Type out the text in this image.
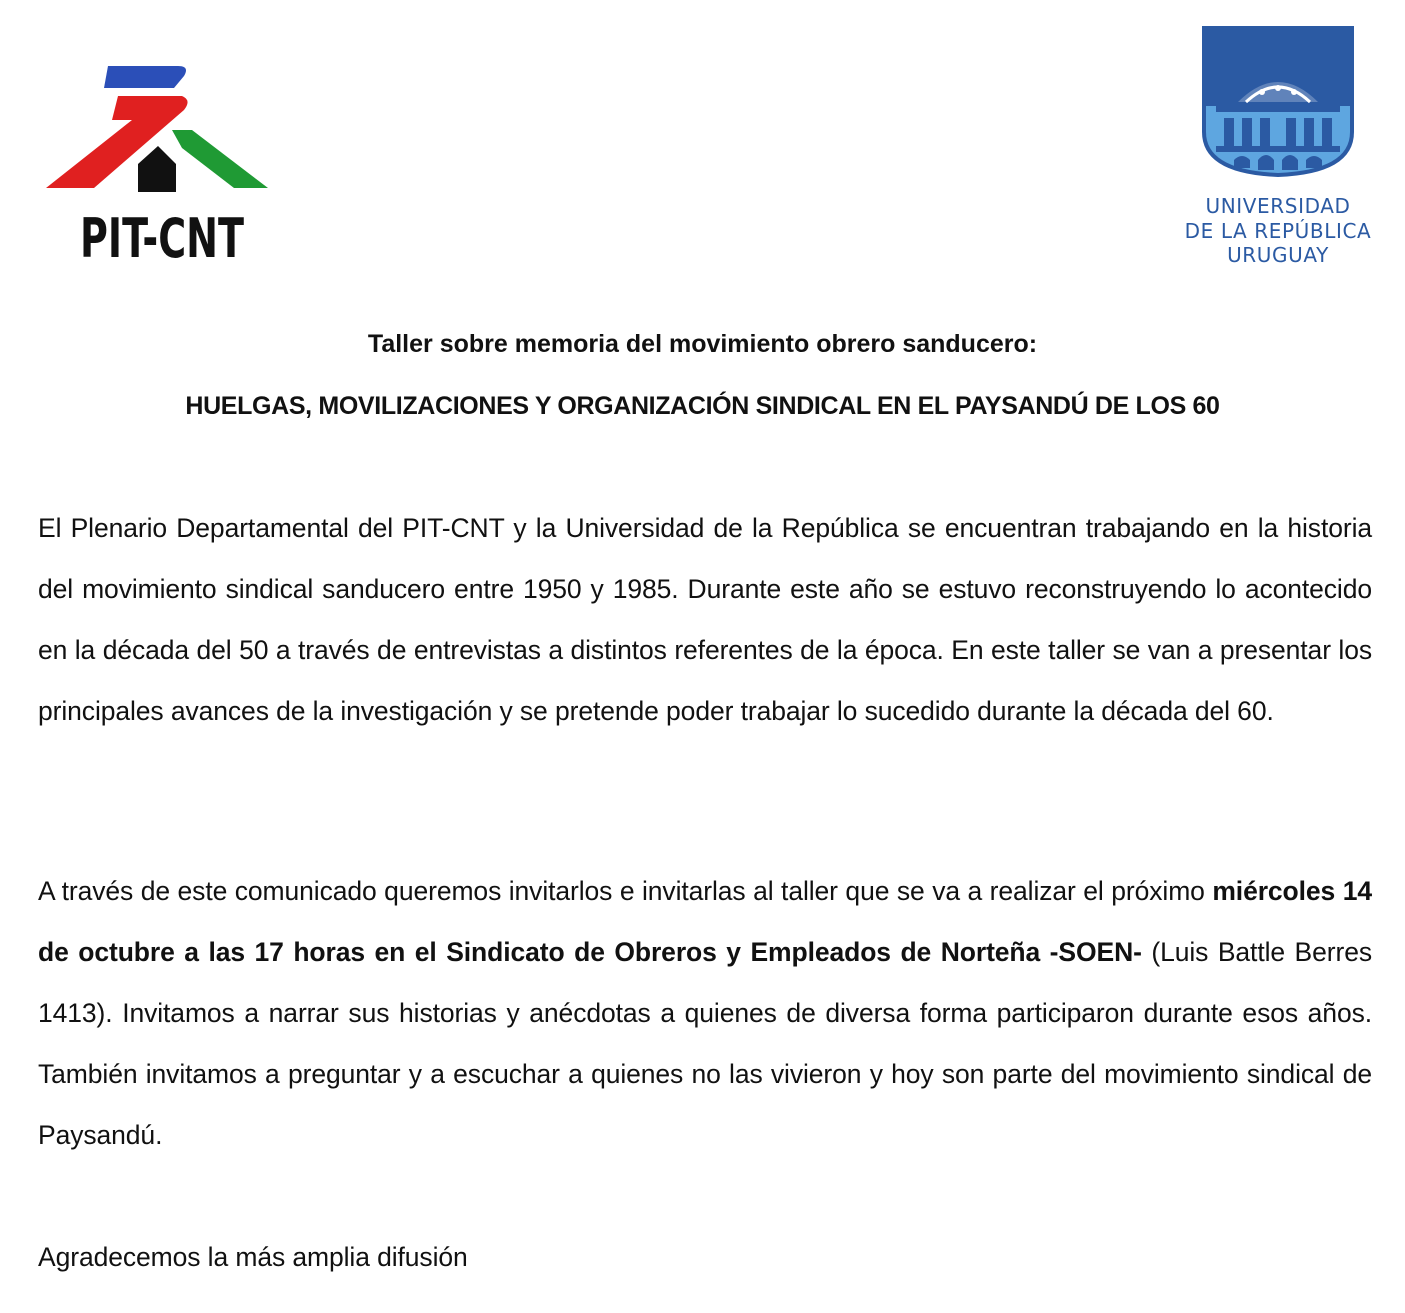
PIT-CNT
UNIVERSIDAD
DE LA REPÚBLICA
URUGUAY
Taller sobre memoria del movimiento obrero sanducero:
HUELGAS, MOVILIZACIONES Y ORGANIZACIÓN SINDICAL EN EL PAYSANDÚ DE LOS 60
El Plenario Departamental del PIT-CNT y la Universidad de la República se encuentran trabajando en la historia del movimiento sindical sanducero entre 1950 y 1985. Durante este año se estuvo reconstruyendo lo acontecido en la década del 50 a través de entrevistas a distintos referentes de la época. En este taller se van a presentar los principales avances de la investigación y se pretende poder trabajar lo sucedido durante la década del 60.
A través de este comunicado queremos invitarlos e invitarlas al taller que se va a realizar el próximo miércoles 14 de octubre a las 17 horas en el Sindicato de Obreros y Empleados de Norteña -SOEN- (Luis Battle Berres 1413). Invitamos a narrar sus historias y anécdotas a quienes de diversa forma participaron durante esos años. También invitamos a preguntar y a escuchar a quienes no las vivieron y hoy son parte del movimiento sindical de Paysandú.
Agradecemos la más amplia difusión
